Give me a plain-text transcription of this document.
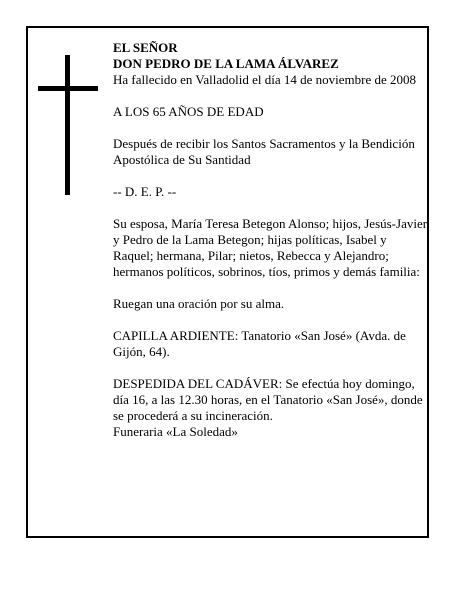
EL SEÑOR

DON PEDRO DE LA LAMA ÁLVAREZ

Ha fallecido en Valladolid el día 14 de noviembre de 2008

A LOS 65 AÑOS DE EDAD

Después de recibir los Santos Sacramentos y la Bendición Apostólica de Su Santidad

-- D. E. P. --

Su esposa, María Teresa Betegon Alonso; hijos, Jesús-Javier y Pedro de la Lama Betegon; hijas políticas, Isabel y Raquel; hermana, Pilar; nietos, Rebecca y Alejandro; hermanos políticos, sobrinos, tíos, primos y demás familia:

Ruegan una oración por su alma.

CAPILLA ARDIENTE: Tanatorio «San José» (Avda. de Gijón, 64).

DESPEDIDA DEL CADÁVER: Se efectúa hoy domingo, día 16, a las 12.30 horas, en el Tanatorio «San José», donde se procederá a su incineración.

Funeraria «La Soledad»
